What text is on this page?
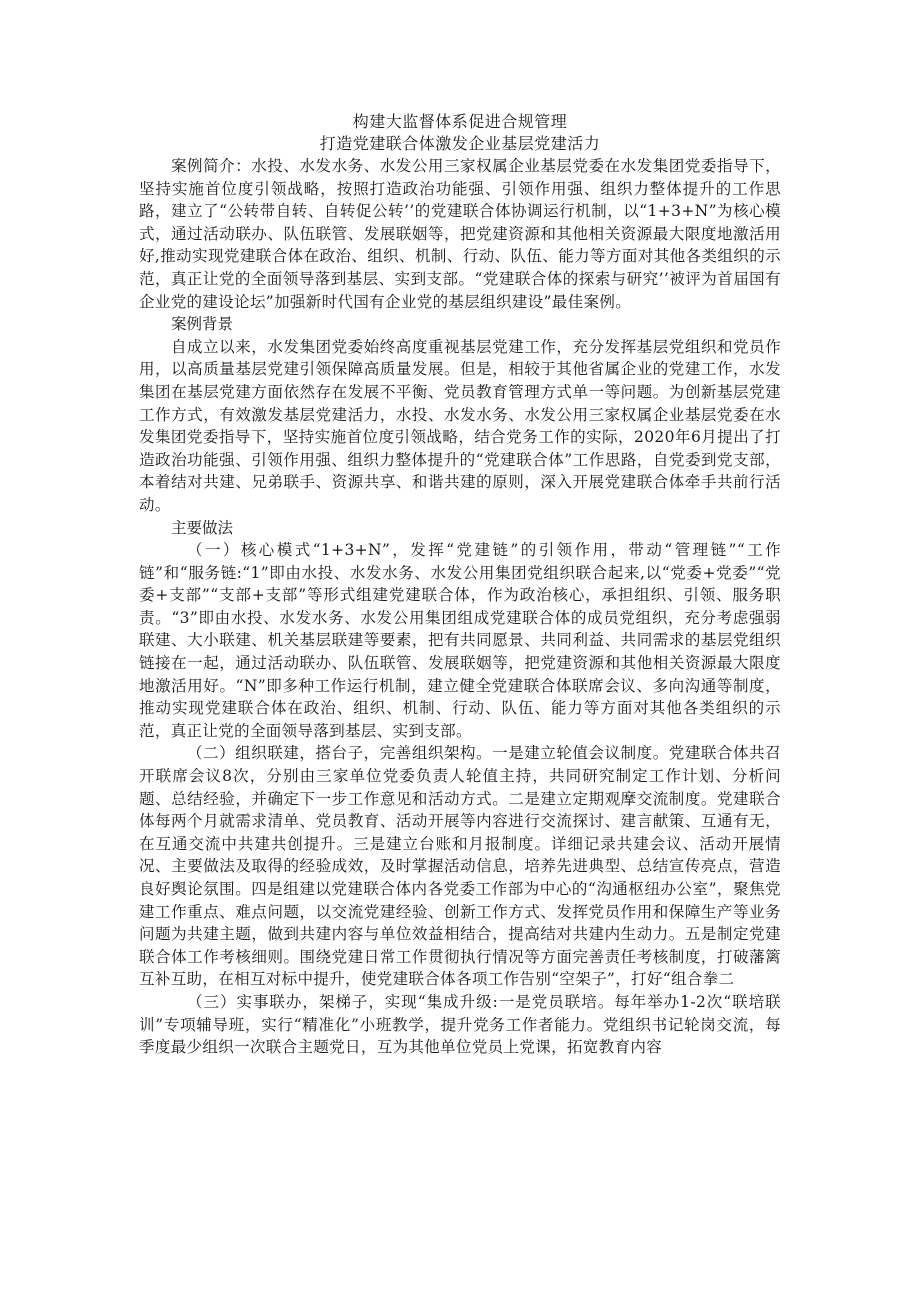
构建大监督体系促进合规管理
打造党建联合体激发企业基层党建活力

案例简介：水投、水发水务、水发公用三家权属企业基层党委在水发集团党委指导下，坚持实施首位度引领战略，按照打造政治功能强、引领作用强、组织力整体提升的工作思路，建立了“公转带自转、自转促公转’’的党建联合体协调运行机制，以“1+3+N”为核心模式，通过活动联办、队伍联管、发展联姻等，把党建资源和其他相关资源最大限度地激活用好,推动实现党建联合体在政治、组织、机制、行动、队伍、能力等方面对其他各类组织的示范，真正让党的全面领导落到基层、实到支部。“党建联合体的探索与研究’’被评为首届国有企业党的建设论坛”加强新时代国有企业党的基层组织建设”最佳案例。

案例背景

自成立以来，水发集团党委始终高度重视基层党建工作，充分发挥基层党组织和党员作用，以高质量基层党建引领保障高质量发展。但是，相较于其他省属企业的党建工作，水发集团在基层党建方面依然存在发展不平衡、党员教育管理方式单一等问题。为创新基层党建工作方式，有效激发基层党建活力，水投、水发水务、水发公用三家权属企业基层党委在水发集团党委指导下，坚持实施首位度引领战略，结合党务工作的实际，2020年6月提出了打造政治功能强、引领作用强、组织力整体提升的“党建联合体”工作思路，自党委到党支部，本着结对共建、兄弟联手、资源共享、和谐共建的原则，深入开展党建联合体牵手共前行活动。

主要做法

（一）核心模式“1+3+N”，发挥“党建链”的引领作用，带动“管理链”“工作链”和“服务链:“1”即由水投、水发水务、水发公用集团党组织联合起来,以“党委+党委”“党委+支部”“支部+支部”等形式组建党建联合体，作为政治核心，承担组织、引领、服务职责。“3”即由水投、水发水务、水发公用集团组成党建联合体的成员党组织，充分考虑强弱联建、大小联建、机关基层联建等要素，把有共同愿景、共同利益、共同需求的基层党组织链接在一起，通过活动联办、队伍联管、发展联姻等，把党建资源和其他相关资源最大限度地激活用好。“N”即多种工作运行机制，建立健全党建联合体联席会议、多向沟通等制度，推动实现党建联合体在政治、组织、机制、行动、队伍、能力等方面对其他各类组织的示范，真正让党的全面领导落到基层、实到支部。

（二）组织联建，搭台子，完善组织架构。一是建立轮值会议制度。党建联合体共召开联席会议8次，分别由三家单位党委负责人轮值主持，共同研究制定工作计划、分析问题、总结经验，并确定下一步工作意见和活动方式。二是建立定期观摩交流制度。党建联合体每两个月就需求清单、党员教育、活动开展等内容进行交流探讨、建言献策、互通有无，在互通交流中共建共创提升。三是建立台账和月报制度。详细记录共建会议、活动开展情况、主要做法及取得的经验成效，及时掌握活动信息，培养先进典型、总结宣传亮点，营造良好舆论氛围。四是组建以党建联合体内各党委工作部为中心的“沟通枢纽办公室”，聚焦党建工作重点、难点问题，以交流党建经验、创新工作方式、发挥党员作用和保障生产等业务问题为共建主题，做到共建内容与单位效益相结合，提高结对共建内生动力。五是制定党建联合体工作考核细则。围绕党建日常工作贯彻执行情况等方面完善责任考核制度，打破藩篱互补互助，在相互对标中提升，使党建联合体各项工作告别“空架子”，打好“组合拳二

（三）实事联办，架梯子，实现“集成升级:一是党员联培。每年举办1-2次“联培联训”专项辅导班，实行“精准化”小班教学，提升党务工作者能力。党组织书记轮岗交流，每季度最少组织一次联合主题党日，互为其他单位党员上党课，拓宽教育内容
